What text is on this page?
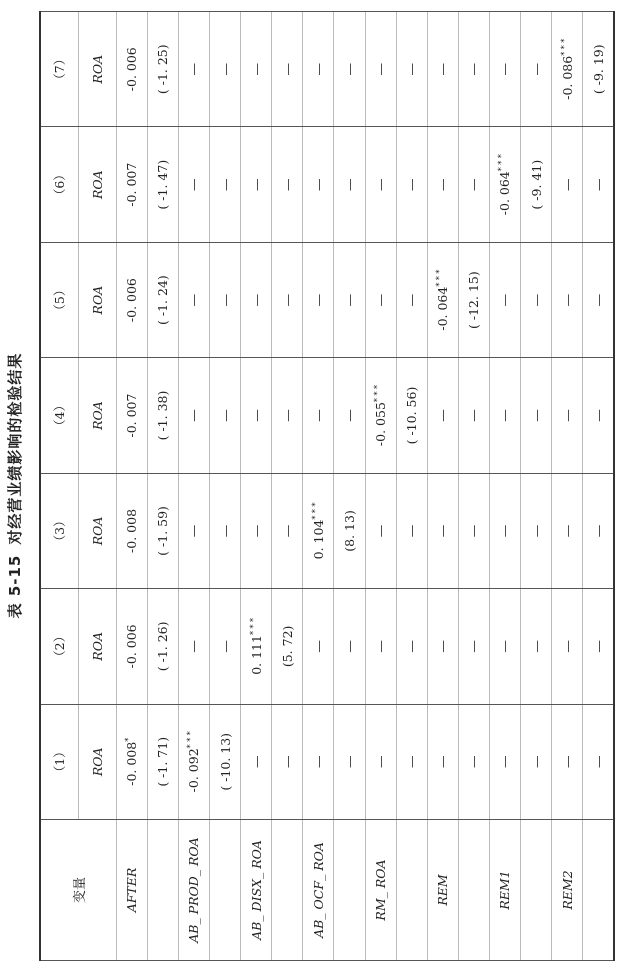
表 5-15对经营业绩影响的检验结果
变量	（1）	（2）	（3）	（4）	（5）	（6）	（7）
	ROA	ROA	ROA	ROA	ROA	ROA	ROA
AFTER	-0. 008*	-0. 006	-0. 008	-0. 007	-0. 006	-0. 007	-0. 006
	( -1. 71)	( -1. 26)	( -1. 59)	( -1. 38)	( -1. 24)	( -1. 47)	( -1. 25)
AB_ PROD_ ROA	-0. 092* * *	—	—	—	—	—	—
	( -10. 13)	—	—	—	—	—	—
AB_ DISX_ ROA	—	0. 111* * *	—	—	—	—	—
	—	(5. 72)	—	—	—	—	—
AB_ OCF_ ROA	—	—	0. 104* * *	—	—	—	—
	—	—	(8. 13)	—	—	—	—
RM_ ROA	—	—	—	-0. 055* * *	—	—	—
	—	—	—	( -10. 56)	—	—	—
REM	—	—	—	—	-0. 064* * *	—	—
	—	—	—	—	( -12. 15)	—	—
REM1	—	—	—	—	—	-0. 064* * *	—
	—	—	—	—	—	( -9. 41)	—
REM2	—	—	—	—	—	—	-0. 086* * *
	—	—	—	—	—	—	( -9. 19)
